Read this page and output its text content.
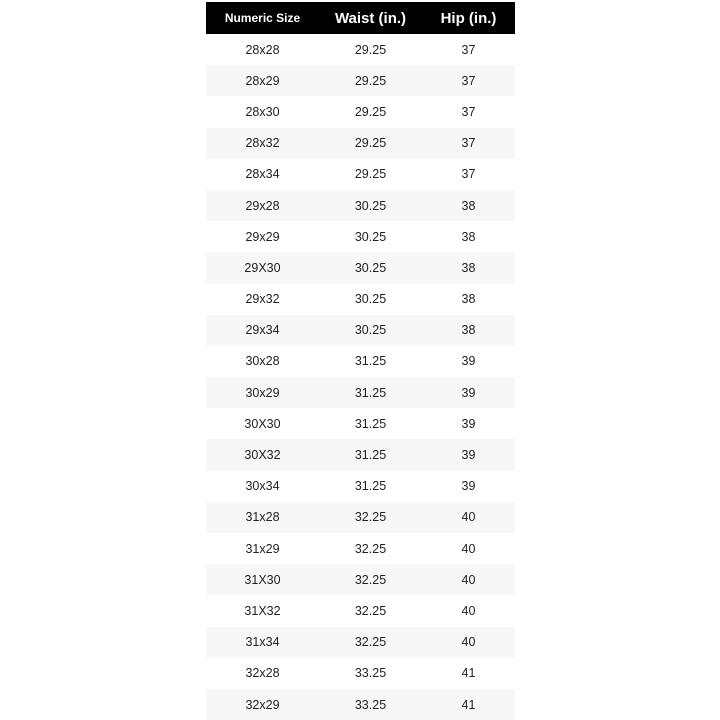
Numeric Size	Waist (in.)	Hip (in.)
28x28	29.25	37
28x29	29.25	37
28x30	29.25	37
28x32	29.25	37
28x34	29.25	37
29x28	30.25	38
29x29	30.25	38
29X30	30.25	38
29x32	30.25	38
29x34	30.25	38
30x28	31.25	39
30x29	31.25	39
30X30	31.25	39
30X32	31.25	39
30x34	31.25	39
31x28	32.25	40
31x29	32.25	40
31X30	32.25	40
31X32	32.25	40
31x34	32.25	40
32x28	33.25	41
32x29	33.25	41
